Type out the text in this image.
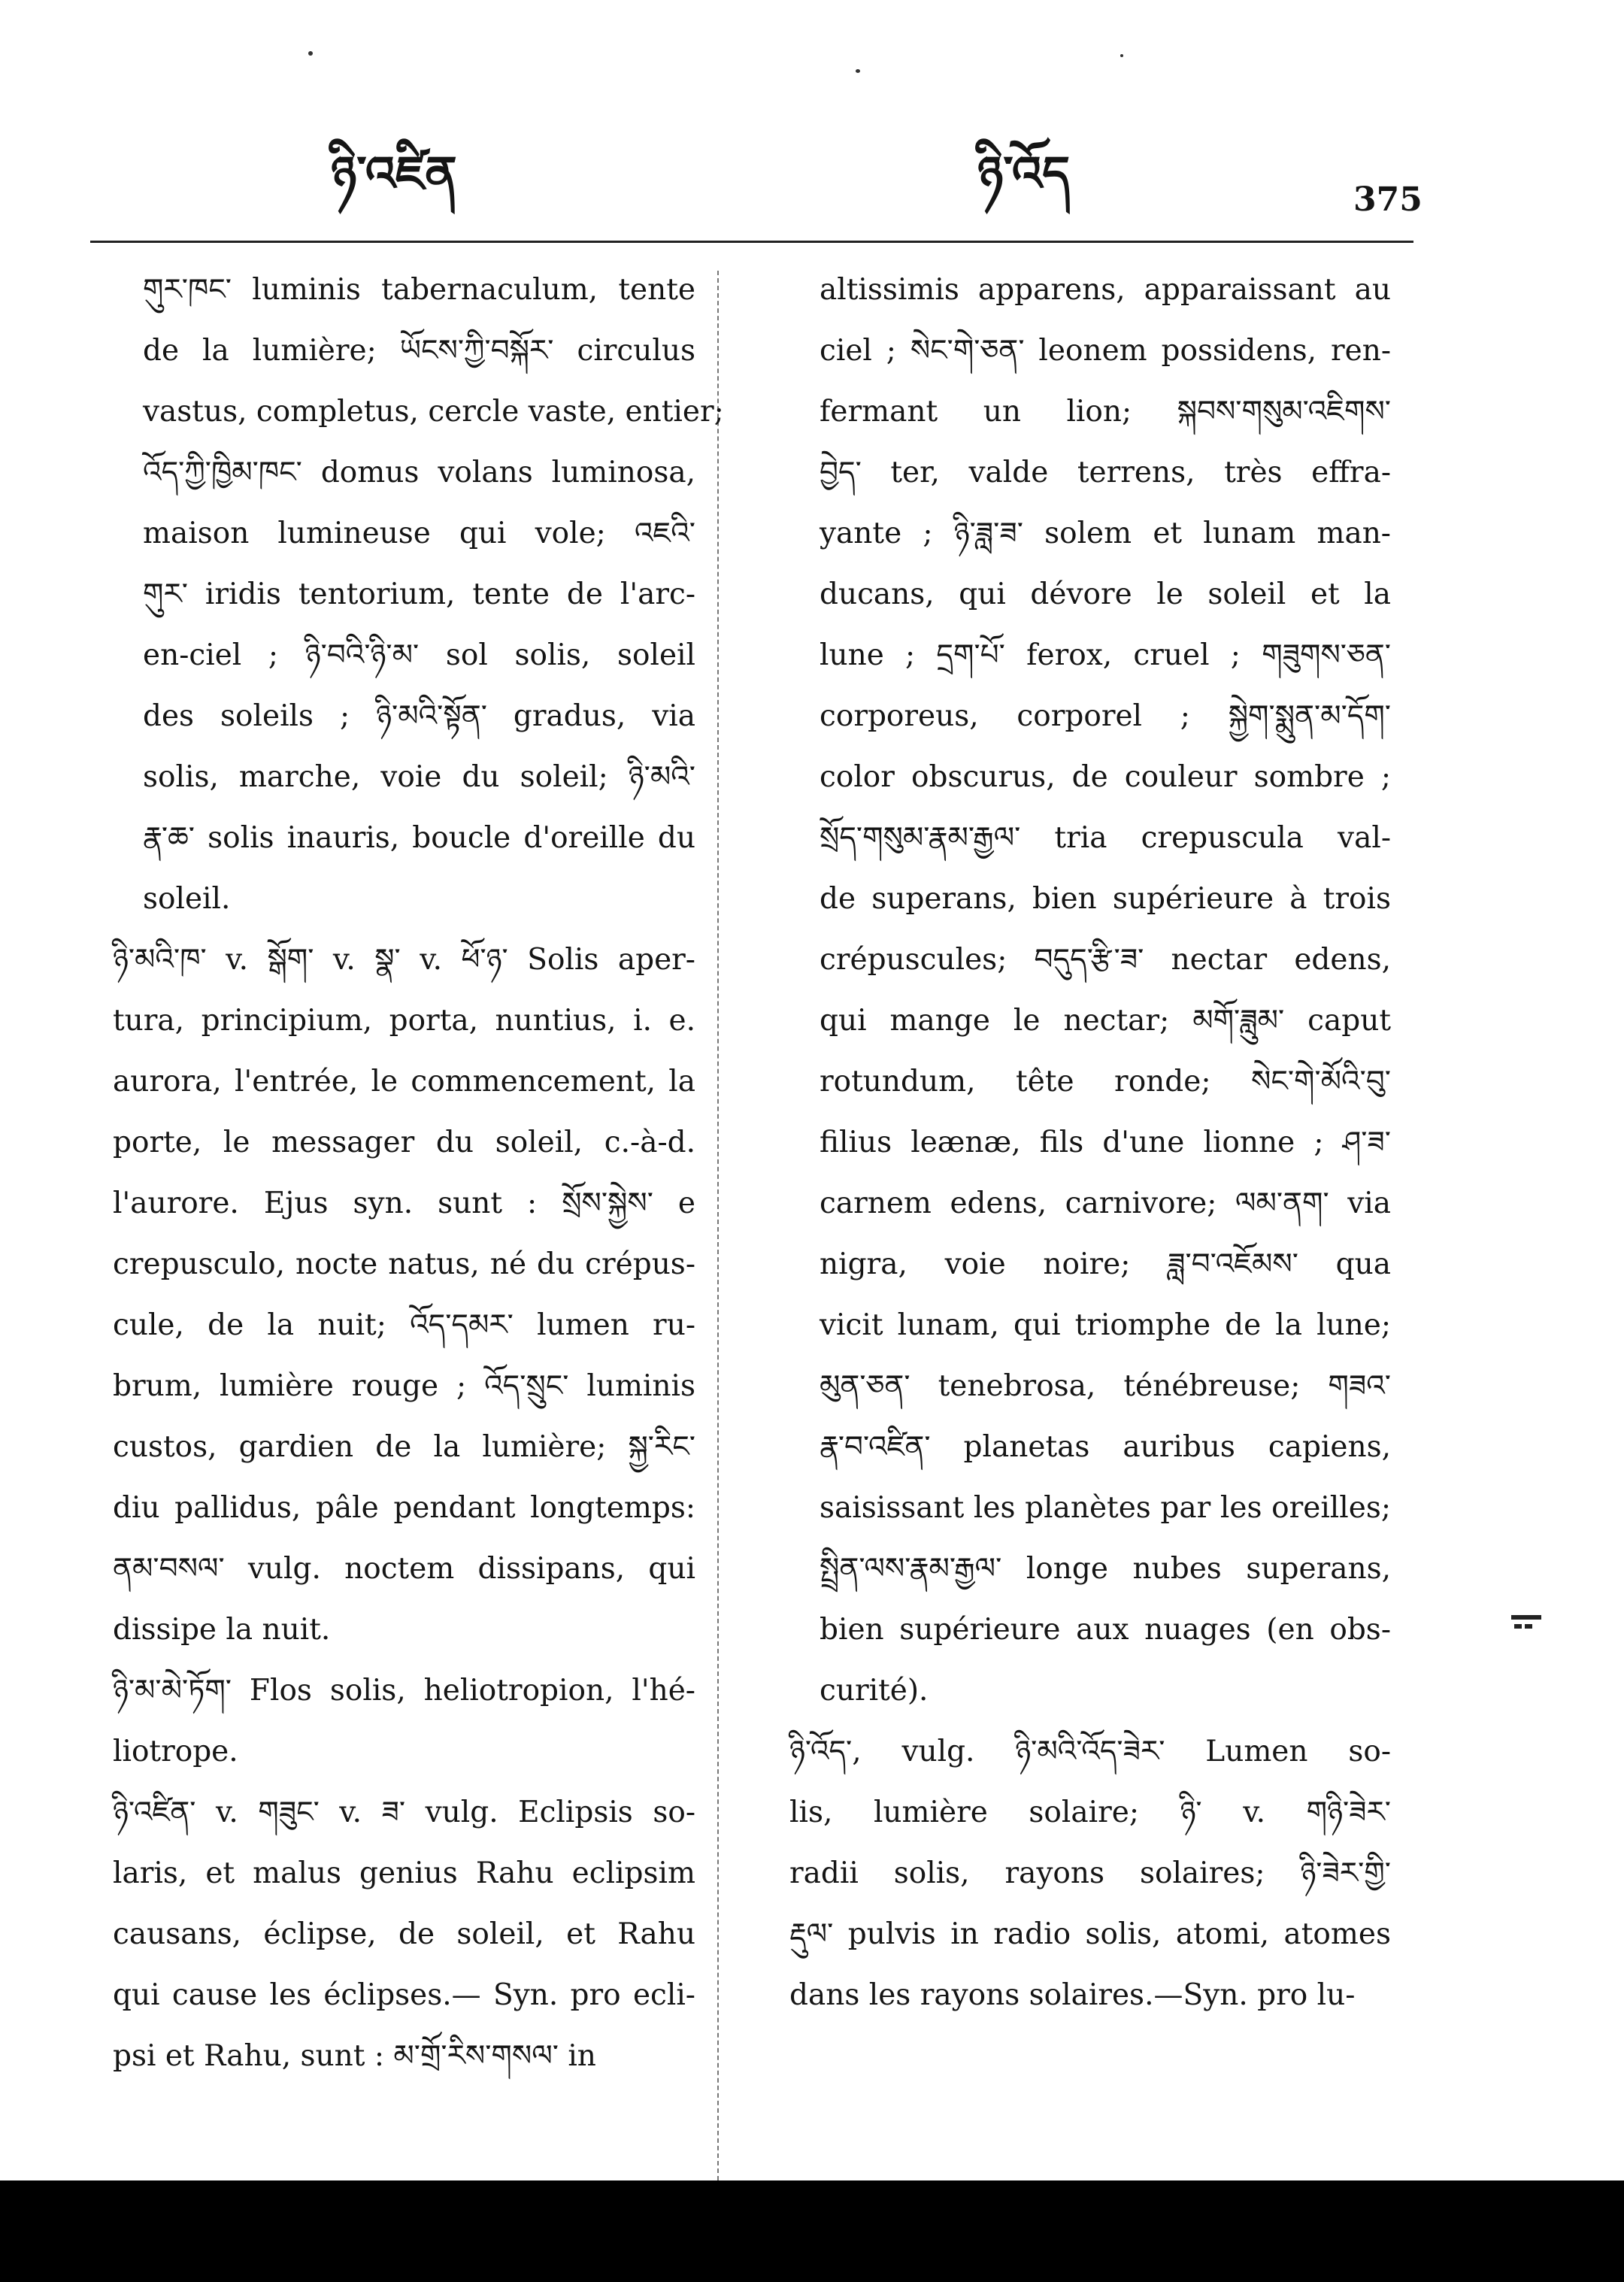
ཉི་འཛིན	ཉི་འོད	375

གུར་ཁང་ luminis tabernaculum, tente
de la lumière; ཡོངས་ཀྱི་བསྐོར་ circulus
vastus, completus, cercle vaste, entier;
འོད་ཀྱི་ཁྱིམ་ཁང་ domus volans luminosa,
maison lumineuse qui vole; འཇའི་
གུར་ iridis tentorium, tente de l'arc-
en-ciel ; ཉི་བའི་ཉི་མ་ sol solis, soleil
des soleils ; ཉི་མའི་སྟོན་ gradus, via
solis, marche, voie du soleil; ཉི་མའི་
རྣ་ཆ་ solis inauris, boucle d'oreille du
soleil.

ཉི་མའི་ཁ་ v. སྒོག་ v. སྣ་ v. ཕོ་ཉ་ Solis aper-
tura, principium, porta, nuntius, i. e.
aurora, l'entrée, le commencement, la
porte, le messager du soleil, c.-à-d.
l'aurore. Ejus syn. sunt : སྲོས་སྐྱེས་ e
crepusculo, nocte natus, né du crépus-
cule, de la nuit; འོད་དམར་ lumen ru-
brum, lumière rouge ; འོད་སྲུང་ luminis
custos, gardien de la lumière; སྐྱ་རིང་
diu pallidus, pâle pendant longtemps:
ནམ་བསལ་ vulg. noctem dissipans, qui
dissipe la nuit.

ཉི་མ་མེ་ཏོག་ Flos solis, heliotropion, l'hé-
liotrope.

ཉི་འཛིན་ v. གཟུང་ v. ཟ་ vulg. Eclipsis so-
laris, et malus genius Rahu eclipsim
causans, éclipse, de soleil, et Rahu
qui cause les éclipses.— Syn. pro ecli-
psi et Rahu, sunt : མ་གྲོ་རིས་གསལ་ in

altissimis apparens, apparaissant au
ciel ; སེང་གེ་ཅན་ leonem possidens, ren-
fermant un lion; སྐབས་གསུམ་འཇིགས་
བྱེད་ ter, valde terrens, très effra-
yante ; ཉི་ཟླ་ཟ་ solem et lunam man-
ducans, qui dévore le soleil et la
lune ; དྲག་པོ་ ferox, cruel ; གཟུགས་ཅན་
corporeus, corporel ; སྐྱེག་སྨུན་མ་དོག་
color obscurus, de couleur sombre ;
སྲོད་གསུམ་རྣམ་རྒྱལ་ tria crepuscula val-
de superans, bien supérieure à trois
crépuscules; བདུད་རྩི་ཟ་ nectar edens,
qui mange le nectar; མགོ་ཟླུམ་ caput
rotundum, tête ronde; སེང་གེ་མོའི་བུ་
filius leænæ, fils d'une lionne ; ཤ་ཟ་
carnem edens, carnivore; ལམ་ནག་ via
nigra, voie noire; ཟླ་བ་འཇོམས་ qua
vicit lunam, qui triomphe de la lune;
མུན་ཅན་ tenebrosa, ténébreuse; གཟའ་
རྣ་བ་འཛིན་ planetas auribus capiens,
saisissant les planètes par les oreilles;
སྤྲིན་ལས་རྣམ་རྒྱལ་ longe nubes superans,
bien supérieure aux nuages (en obs-
curité).

ཉི་འོད་, vulg. ཉི་མའི་འོད་ཟེར་ Lumen so-
lis, lumière solaire; ཉི་ v. གཉི་ཟེར་
radii solis, rayons solaires; ཉི་ཟེར་གྱི་
རྡུལ་ pulvis in radio solis, atomi, atomes
dans les rayons solaires.—Syn. pro lu-
